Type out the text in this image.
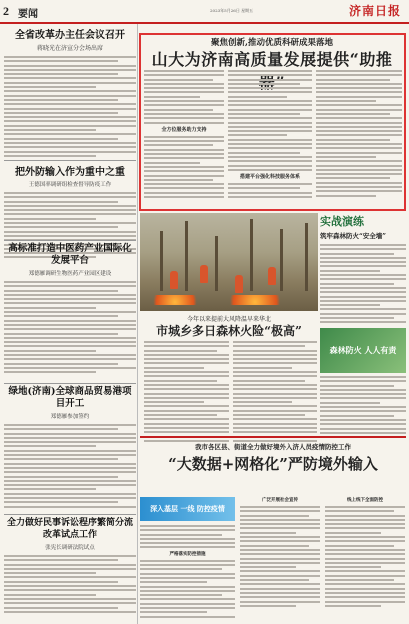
2 要闻	2023年5月26日 星期五	济南日报
全省改革办主任会议召开
蒋晓光在济宣分会场出席
把外防输入作为重中之重
王德国率调研组检查督导防疫工作
高标准打造中医药产业国际化发展平台
郑德雁调研生物医药产业园区建设
绿地(济南)全球商品贸易港项目开工
郑德雁参加签约
全力做好民事诉讼程序繁简分流改革试点工作
张宪长调研法院试点
聚焦创新,推动优质科研成果落地
山大为济南高质量发展提供“助推
全方位服务助力支持
搭建平台强化科技服务体系
实战演练
筑牢森林防火“安全墙”
森林防火 人人有责
今年以来提前大风降温早来华北
市城乡多日森林火险“极高”
我市各区县、街道全力做好境外入济人员疫情防控工作
“大数据+网格化”严防境外输入
深入基层 一线 防控疫情
严格落实防控措施
广泛开展社会宣传	线上线下全面防控
